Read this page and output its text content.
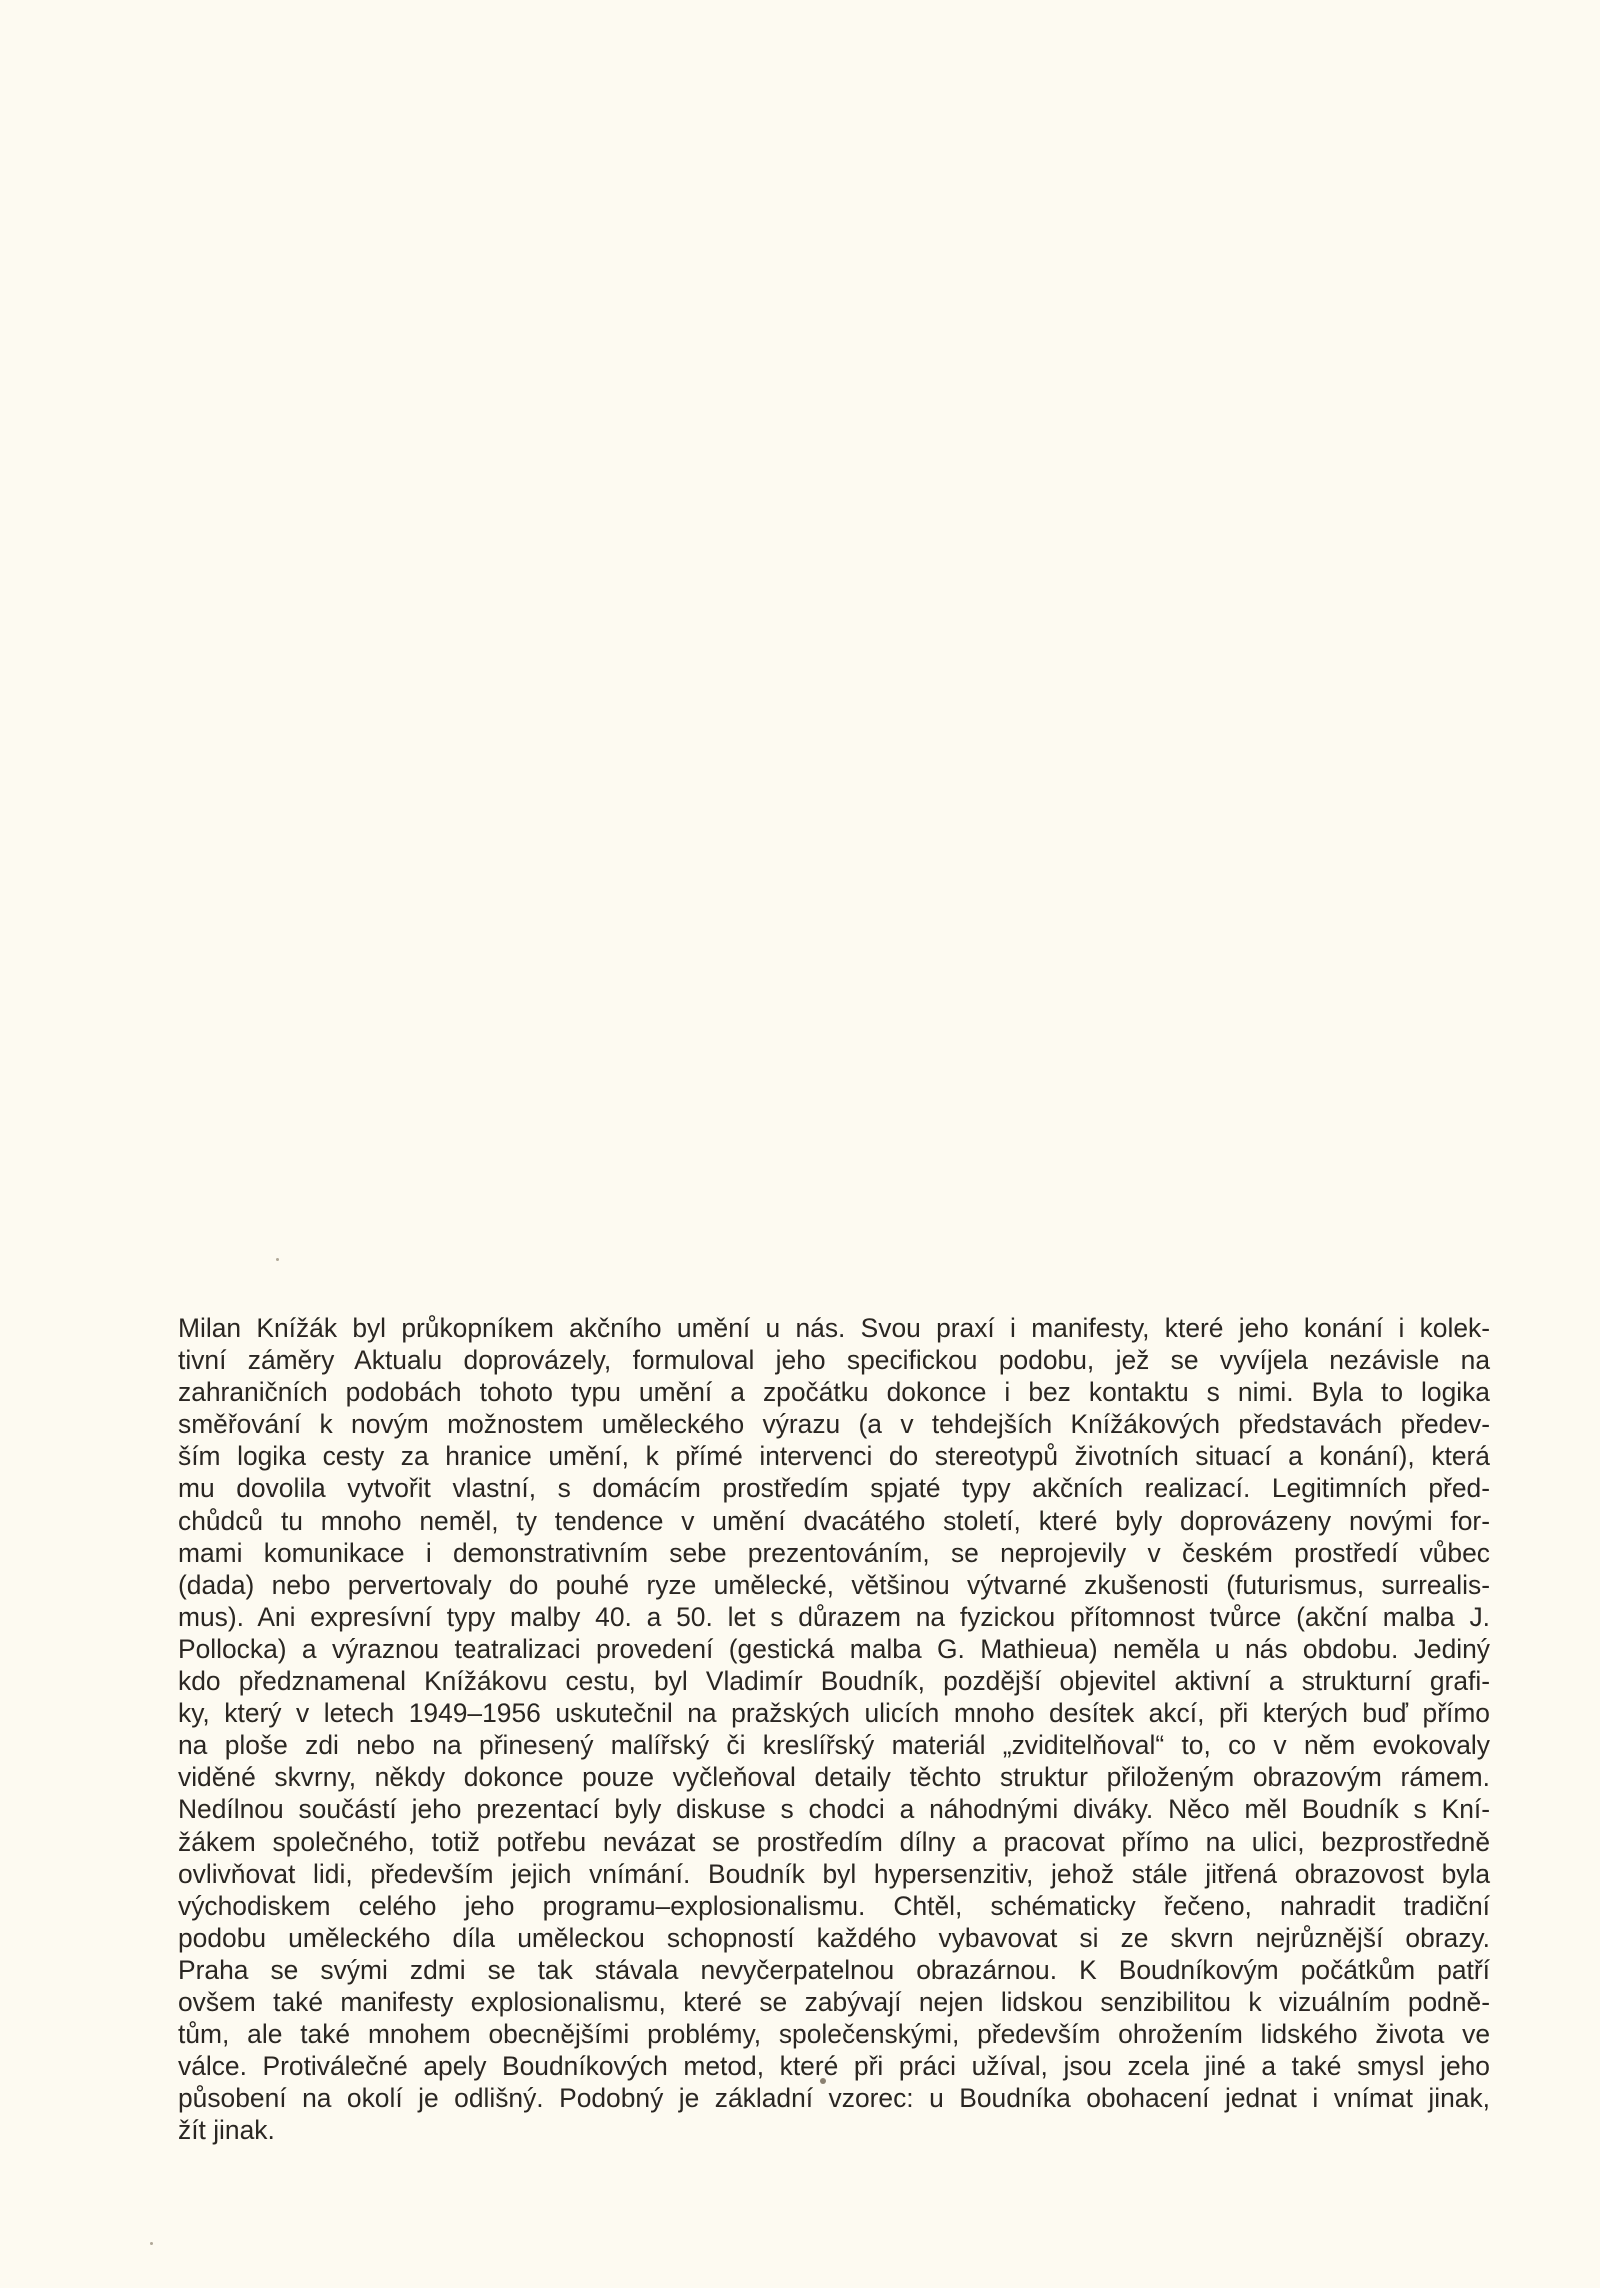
Milan Knížák byl průkopníkem akčního umění u nás. Svou praxí i manifesty, které jeho konání i kolek-
tivní záměry Aktualu doprovázely, formuloval jeho specifickou podobu, jež se vyvíjela nezávisle na
zahraničních podobách tohoto typu umění a zpočátku dokonce i bez kontaktu s nimi. Byla to logika
směřování k novým možnostem uměleckého výrazu (a v tehdejších Knížákových představách předev-
ším logika cesty za hranice umění, k přímé intervenci do stereotypů životních situací a konání), která
mu dovolila vytvořit vlastní, s domácím prostředím spjaté typy akčních realizací. Legitimních před-
chůdců tu mnoho neměl, ty tendence v umění dvacátého století, které byly doprovázeny novými for-
mami komunikace i demonstrativním sebe prezentováním, se neprojevily v českém prostředí vůbec
(dada) nebo pervertovaly do pouhé ryze umělecké, většinou výtvarné zkušenosti (futurismus, surrealis-
mus). Ani expresívní typy malby 40. a 50. let s důrazem na fyzickou přítomnost tvůrce (akční malba J.
Pollocka) a výraznou teatralizaci provedení (gestická malba G. Mathieua) neměla u nás obdobu. Jediný
kdo předznamenal Knížákovu cestu, byl Vladimír Boudník, pozdější objevitel aktivní a strukturní grafi-
ky, který v letech 1949–1956 uskutečnil na pražských ulicích mnoho desítek akcí, při kterých buď přímo
na ploše zdi nebo na přinesený malířský či kreslířský materiál „zviditelňoval“ to, co v něm evokovaly
viděné skvrny, někdy dokonce pouze vyčleňoval detaily těchto struktur přiloženým obrazovým rámem.
Nedílnou součástí jeho prezentací byly diskuse s chodci a náhodnými diváky. Něco měl Boudník s Kní-
žákem společného, totiž potřebu nevázat se prostředím dílny a pracovat přímo na ulici, bezprostředně
ovlivňovat lidi, především jejich vnímání. Boudník byl hypersenzitiv, jehož stále jitřená obrazovost byla
východiskem celého jeho programu–explosionalismu. Chtěl, schématicky řečeno, nahradit tradiční
podobu uměleckého díla uměleckou schopností každého vybavovat si ze skvrn nejrůznější obrazy.
Praha se svými zdmi se tak stávala nevyčerpatelnou obrazárnou. K Boudníkovým počátkům patří
ovšem také manifesty explosionalismu, které se zabývají nejen lidskou senzibilitou k vizuálním podně-
tům, ale také mnohem obecnějšími problémy, společenskými, především ohrožením lidského života ve
válce. Protiválečné apely Boudníkových metod, které při práci užíval, jsou zcela jiné a také smysl jeho
působení na okolí je odlišný. Podobný je základní vzorec: u Boudníka obohacení jednat i vnímat jinak,
žít jinak.
